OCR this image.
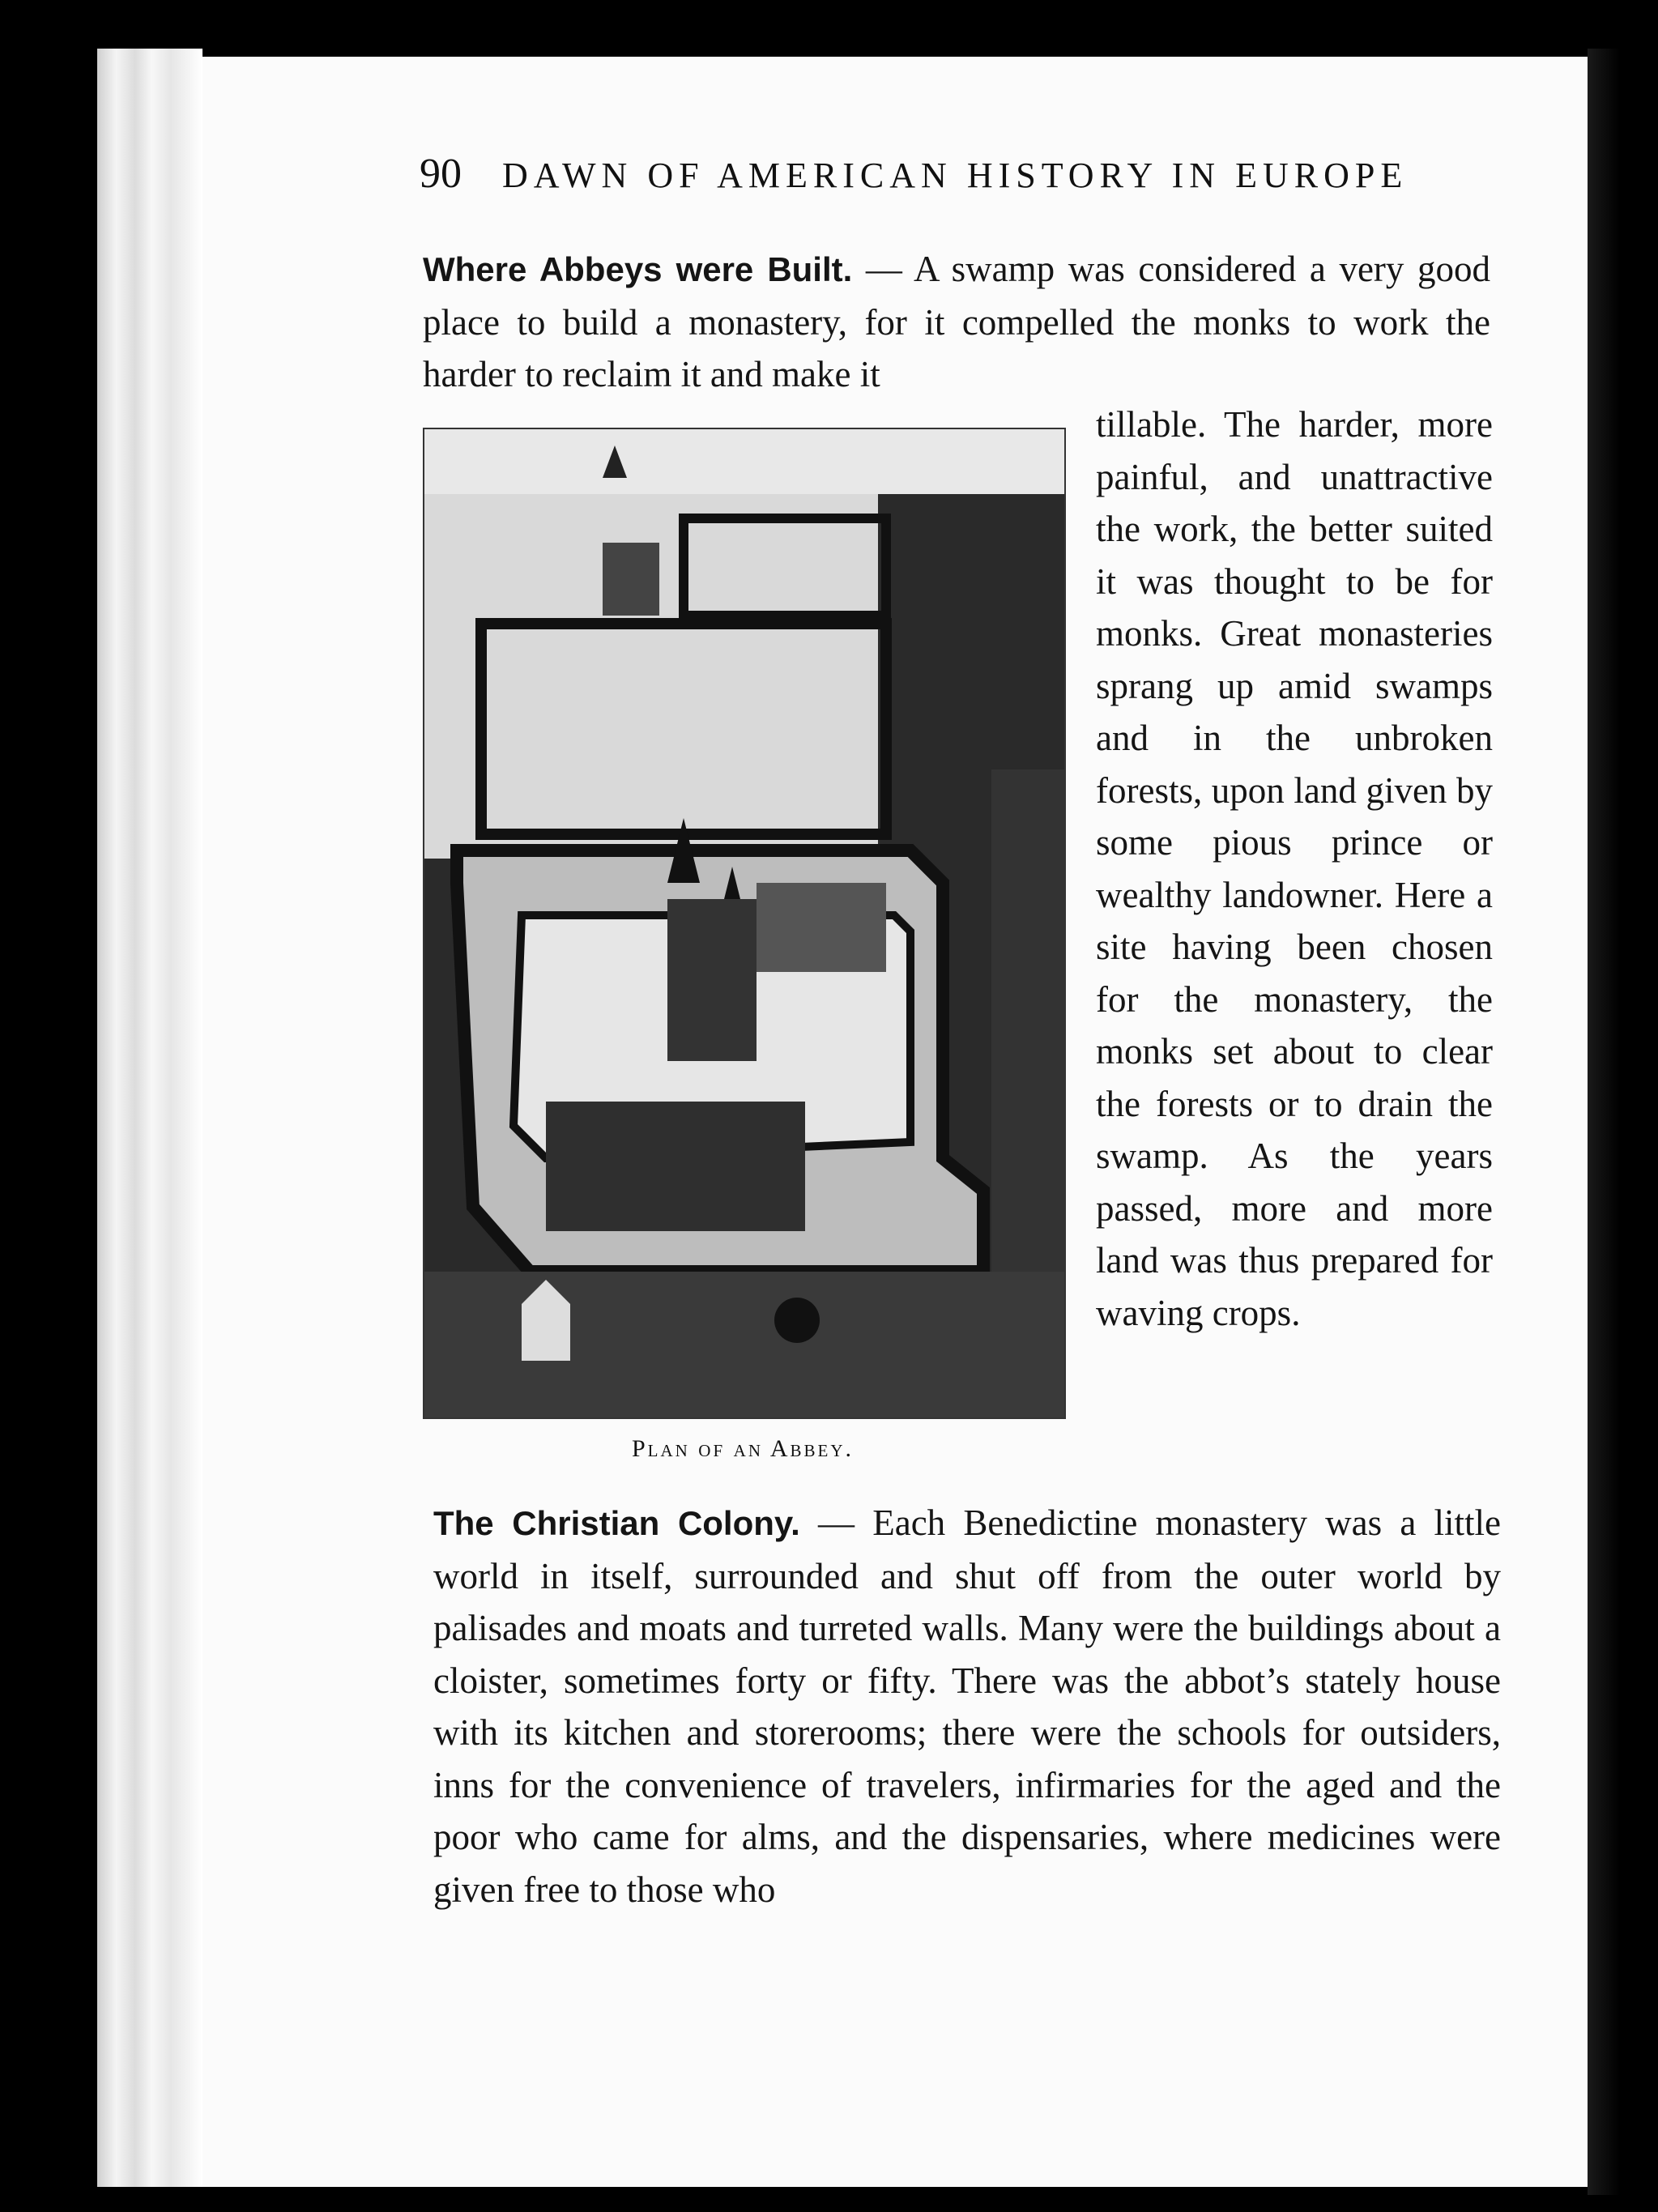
90 DAWN OF AMERICAN HISTORY IN EUROPE

Where Abbeys were Built. — A swamp was considered a very good place to build a monastery, for it compelled the monks to work the harder to reclaim it and make it

Plan of an Abbey.

tillable. The harder, more painful, and unattractive the work, the better suited it was thought to be for monks. Great monasteries sprang up amid swamps and in the unbroken forests, upon land given by some pious prince or wealthy landowner. Here a site having been chosen for the monastery, the monks set about to clear the forests or to drain the swamp. As the years passed, more and more land was thus prepared for waving crops.

The Christian Colony. — Each Benedictine monastery was a little world in itself, surrounded and shut off from the outer world by palisades and moats and turreted walls. Many were the buildings about a cloister, sometimes forty or fifty. There was the abbot’s stately house with its kitchen and storerooms; there were the schools for outsiders, inns for the convenience of travelers, infirmaries for the aged and the poor who came for alms, and the dispensaries, where medicines were given free to those who
